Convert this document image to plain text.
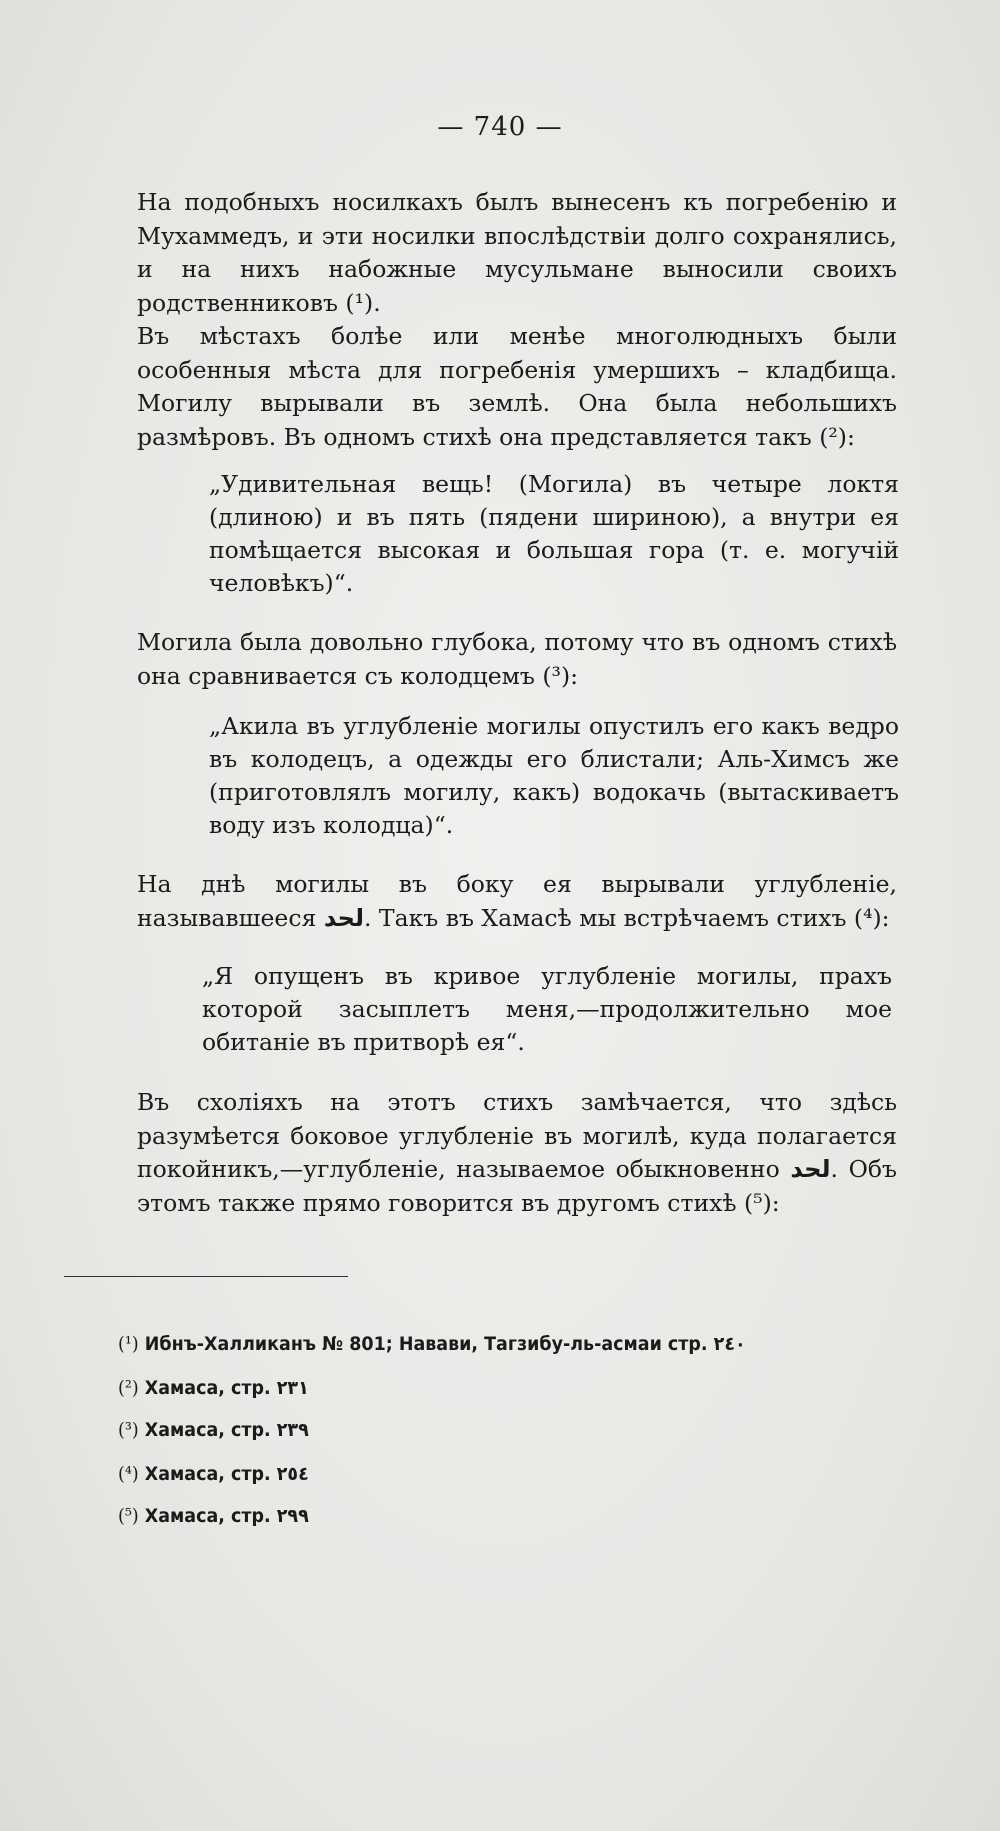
— 740 —

На подобныхъ носилкахъ былъ вынесенъ къ погребенію и Мухаммедъ, и эти носилки впослѣдствіи долго сохранялись, и на нихъ набожные мусульмане выносили своихъ родственниковъ (¹).

Въ мѣстахъ болѣе или менѣе многолюдныхъ были особенныя мѣста для погребенія умершихъ – кладбища. Могилу вырывали въ землѣ. Она была небольшихъ размѣровъ. Въ одномъ стихѣ она представляется такъ (²):

„Удивительная вещь! (Могила) въ четыре локтя (длиною) и въ пять (пядени шириною), а внутри ея помѣщается высокая и большая гора (т. е. могучій человѣкъ)“.

Могила была довольно глубока, потому что въ одномъ стихѣ она сравнивается съ колодцемъ (³):

„Акила въ углубленіе могилы опустилъ его какъ ведро въ колодецъ, а одежды его блистали; Аль-Химсъ же (приготовлялъ могилу, какъ) водокачь (вытаскиваетъ воду изъ колодца)“.

На днѣ могилы въ боку ея вырывали углубленіе, называвшееся لحد. Такъ въ Хамасѣ мы встрѣчаемъ стихъ (⁴):

„Я опущенъ въ кривое углубленіе могилы, прахъ которой засыплетъ меня,—продолжительно мое обитаніе въ притворѣ ея“.

Въ схоліяхъ на этотъ стихъ замѣчается, что здѣсь разумѣется боковое углубленіе въ могилѣ, куда полагается покойникъ,—углубленіе, называемое обыкновенно لحد. Объ этомъ также прямо говорится въ другомъ стихѣ (⁵):

(¹) Ибнъ-Халликанъ № 801; Навави, Тагзибу-ль-асмаи стр. ۲٤٠
(²) Хамаса, стр. ۲۳۱
(³) Хамаса, стр. ۲۳۹
(⁴) Хамаса, стр. ۲٥٤
(⁵) Хамаса, стр. ۲۹۹
